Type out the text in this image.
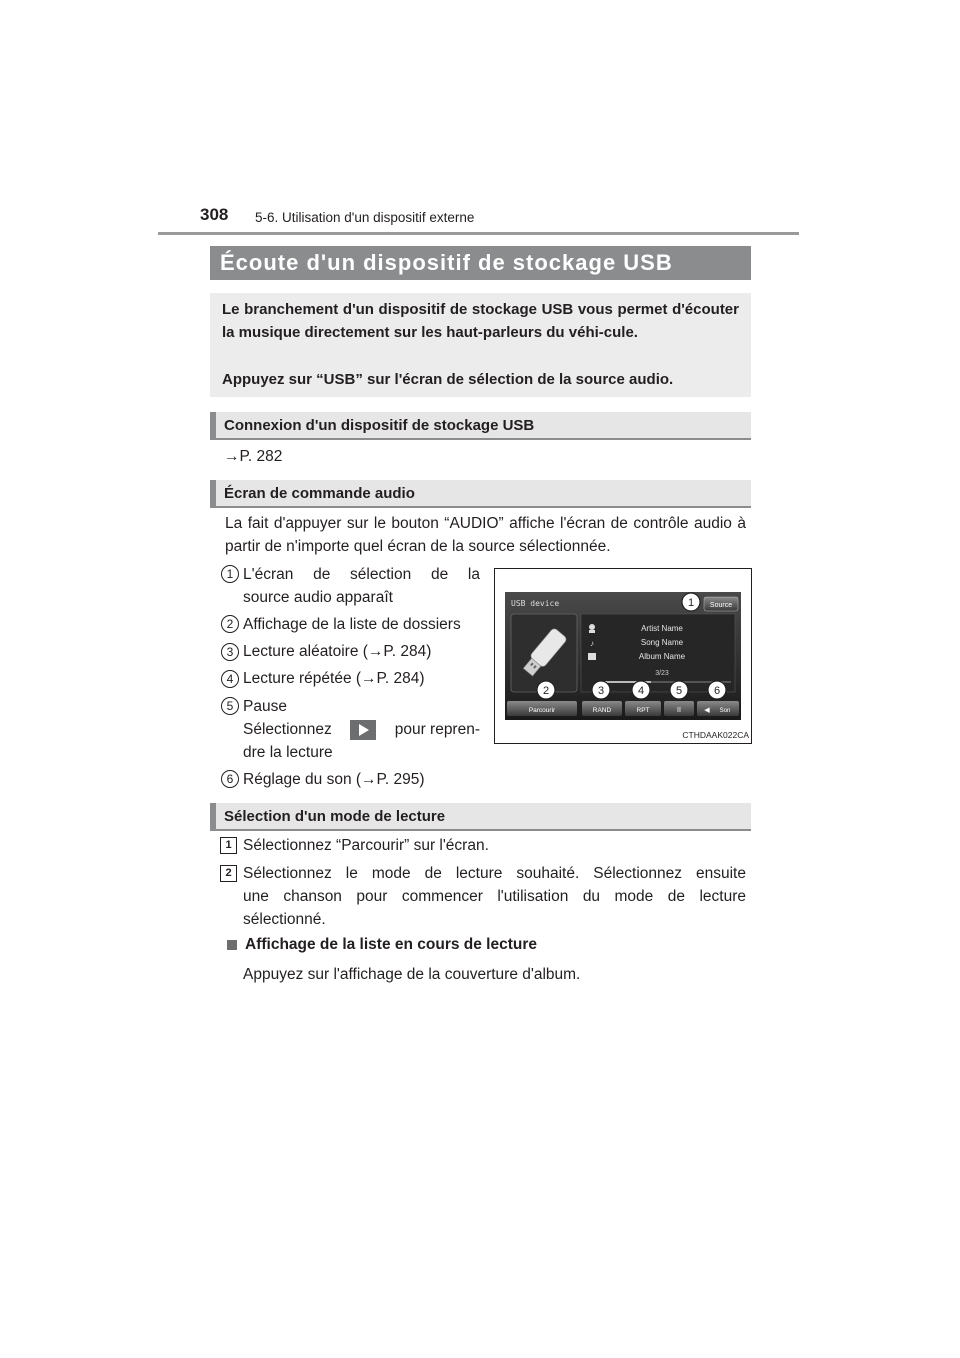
308 5-6. Utilisation d'un dispositif externe
Écoute d'un dispositif de stockage USB
Le branchement d'un dispositif de stockage USB vous permet d'écouter la musique directement sur les haut-parleurs du véhi-cule.
Appuyez sur “USB” sur l'écran de sélection de la source audio.
Connexion d'un dispositif de stockage USB
→P. 282
Écran de commande audio
La fait d'appuyer sur le bouton “AUDIO” affiche l'écran de contrôle audio à partir de n'importe quel écran de la source sélectionnée.
1 L'écran de sélection de la
source audio apparaît
2 Affichage de la liste de dossiers
3 Lecture aléatoire (→P. 284)
4 Lecture répétée (→P. 284)
5 Pause
Sélectionnez	pour repren-
dre la lecture
6 Réglage du son (→P. 295)
USB device	Source
♪
Artist Name
Song Name
Album Name
3/23
Parcourir	RAND	RPT	II	◀ Son
1
2	3	4	5	6
CTHDAAK022CA
Sélection d'un mode de lecture
1 Sélectionnez “Parcourir” sur l'écran.
2 Sélectionnez le mode de lecture souhaité. Sélectionnez ensuite
une chanson pour commencer l'utilisation du mode de lecture
sélectionné.
Affichage de la liste en cours de lecture
Appuyez sur l'affichage de la couverture d'album.
